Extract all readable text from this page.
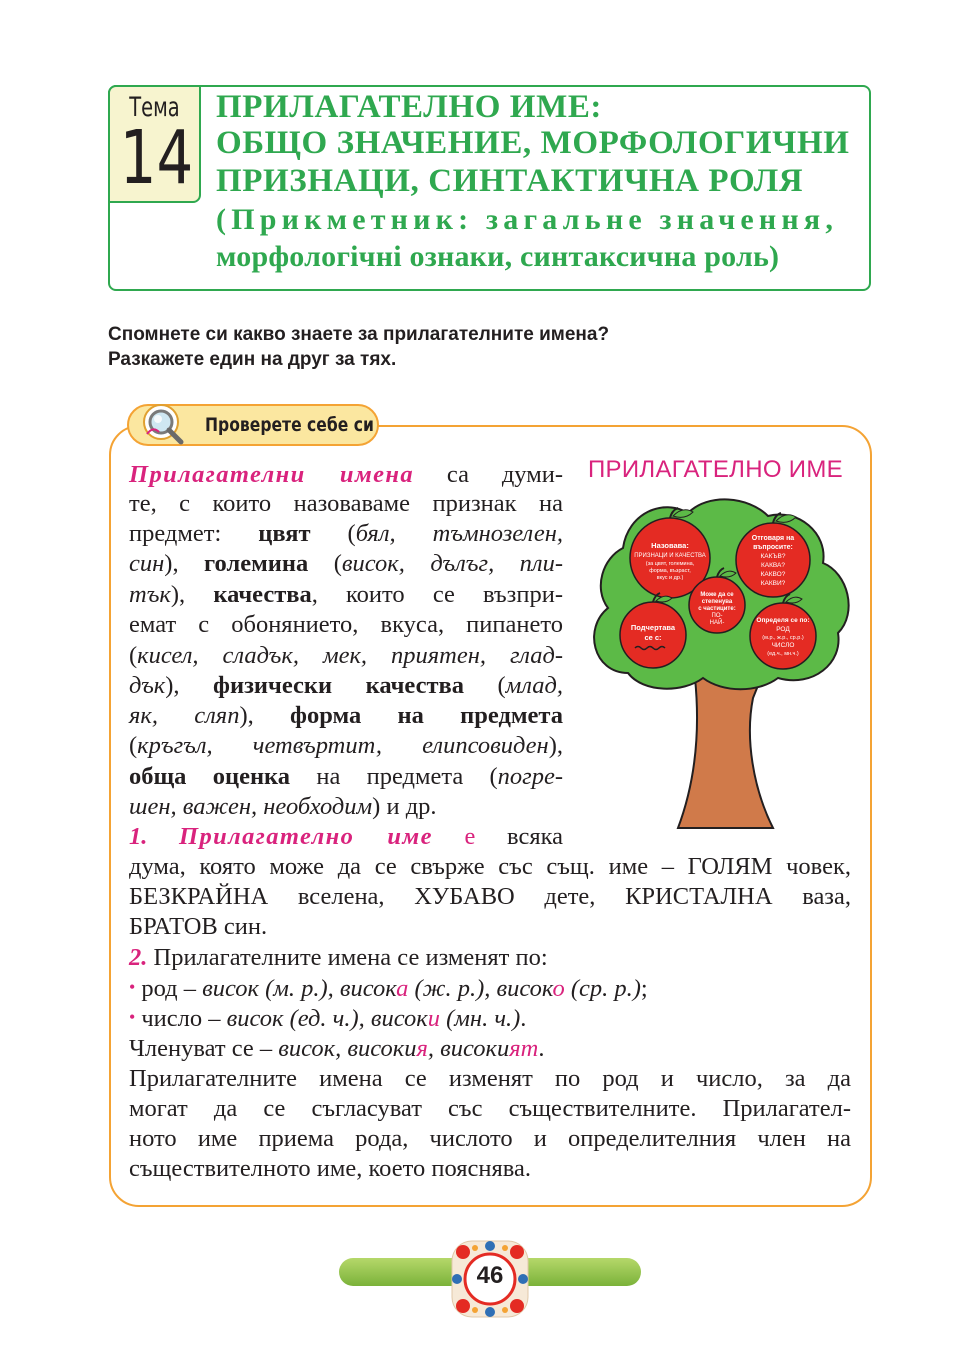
Тема
14
ПРИЛАГАТЕЛНО ИМЕ:
ОБЩО ЗНАЧЕНИЕ, МОРФОЛОГИЧНИ
ПРИЗНАЦИ, СИНТАКТИЧНА РОЛЯ
(Прикметник: загальне значення,
морфологічні ознаки, синтаксична роль)
Спомнете си какво знаете за прилагателните имена?
Разкажете един на друг за тях.
Проверете себе си
ПРИЛАГАТЕЛНО ИМЕ
Назовава:
ПРИЗНАЦИ И КАЧЕСТВА
(за цвят, големина,
форма, възраст,
вкус и др.)
Отговаря на
въпросите:
КАКЪВ?
КАКВА?
КАКВО?
КАКВИ?
Може да се
степенува
с частиците:
ПО-
НАЙ-
Подчертава
се с:
Определя се по:
РОД
(м.р., ж.р., ср.р.)
ЧИСЛО
(ед.ч., мн.ч.)
Прилагателни имена са думи-
те, с които назоваваме признак на
предмет: цвят (бял, тъмнозелен,
син), големина (висок, дълъг, пли-
тък), качества, които се възпри-
емат с обонянието, вкуса, пипането
(кисел, сладък, мек, приятен, глад-
дък), физически качества (млад,
як, сляп), форма на предмета
(кръгъл, четвъртит, елипсовиден),
обща оценка на предмета (погре-
шен, важен, необходим) и др.
1. Прилагателно име е всяка
дума, която може да се свърже със същ. име – ГОЛЯМ човек,
БЕЗКРАЙНА вселена, ХУБАВО дете, КРИСТАЛНА ваза,
БРАТОВ син.
2. Прилагателните имена се изменят по:
• род – висок (м. р.), висока (ж. р.), високо (ср. р.);
• число – висок (ед. ч.), високи (мн. ч.).
Членуват се – висок, високия, високият.
Прилагателните имена се изменят по род и число, за да
могат да се съгласуват със съществителните. Прилагател-
ното име приема рода, числото и определителния член на
съществителното име, което пояснява.
46
